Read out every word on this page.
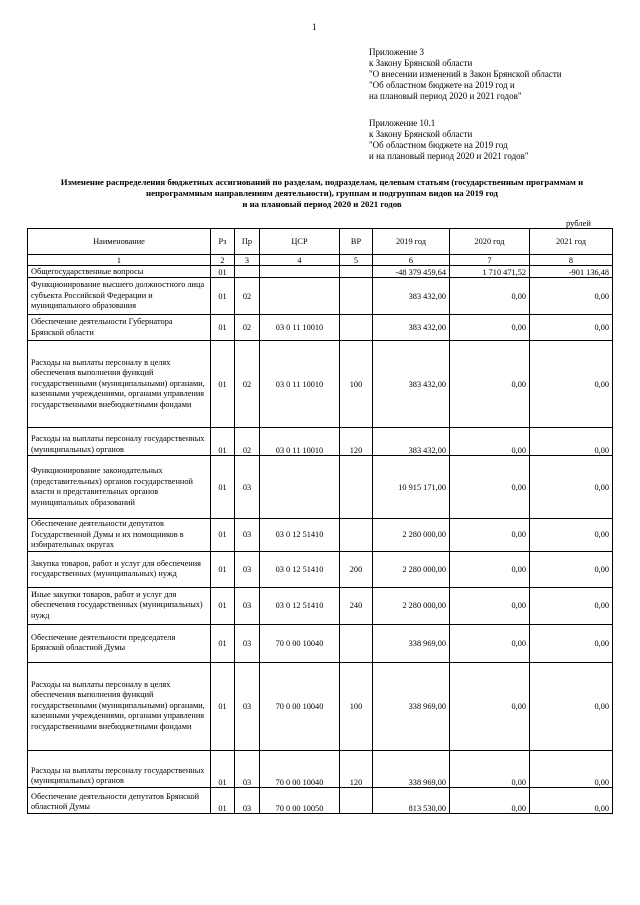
1
Приложение 3
к Закону Брянской области
"О внесении изменений в Закон Брянской области
"Об областном бюджете на 2019 год и
на плановый период 2020 и 2021 годов"
Приложение 10.1
к Закону Брянской области
"Об областном бюджете на 2019 год
и на плановый период 2020 и 2021 годов"
Изменение распределения бюджетных ассигнований по разделам, подразделам, целевым статьям (государственным программам и
непрограммным направлениям деятельности), группам и подгруппам видов на 2019 год
и на плановый период 2020 и 2021 годов
рублей
Наименование	Рз	Пр	ЦСР	ВР	2019 год	2020 год	2021 год
1	2	3	4	5	6	7	8
Общегосударственные вопросы	01				-48 379 459,64	1 710 471,52	-901 136,48
Функционирование высшего должностного лица субъекта Российской Федерации и муниципального образования	01	02			383 432,00	0,00	0,00
Обеспечение деятельности Губернатора Брянской области	01	02	03 0 11 10010		383 432,00	0,00	0,00
Расходы на выплаты персоналу в целях обеспечения выполнения функций государственными (муниципальными) органами, казенными учреждениями, органами управления государственными внебюджетными фондами	01	02	03 0 11 10010	100	383 432,00	0,00	0,00
Расходы на выплаты персоналу государственных (муниципальных) органов	01	02	03 0 11 10010	120	383 432,00	0,00	0,00
Функционирование законодательных (представительных) органов государственной власти и представительных органов муниципальных образований	01	03			10 915 171,00	0,00	0,00
Обеспечение деятельности депутатов Государственной Думы и их помощников в избирательных округах	01	03	03 0 12 51410		2 280 000,00	0,00	0,00
Закупка товаров, работ и услуг для обеспечения государственных (муниципальных) нужд	01	03	03 0 12 51410	200	2 280 000,00	0,00	0,00
Иные закупки товаров, работ и услуг для обеспечения государственных (муниципальных) нужд	01	03	03 0 12 51410	240	2 280 000,00	0,00	0,00
Обеспечение деятельности председателя Брянской областной Думы	01	03	70 0 00 10040		338 969,00	0,00	0,00
Расходы на выплаты персоналу в целях обеспечения выполнения функций государственными (муниципальными) органами, казенными учреждениями, органами управления государственными внебюджетными фондами	01	03	70 0 00 10040	100	338 969,00	0,00	0,00
Расходы на выплаты персоналу государственных (муниципальных) органов	01	03	70 0 00 10040	120	338 969,00	0,00	0,00
Обеспечение деятельности депутатов Брянской областной Думы	01	03	70 0 00 10050		813 530,00	0,00	0,00
